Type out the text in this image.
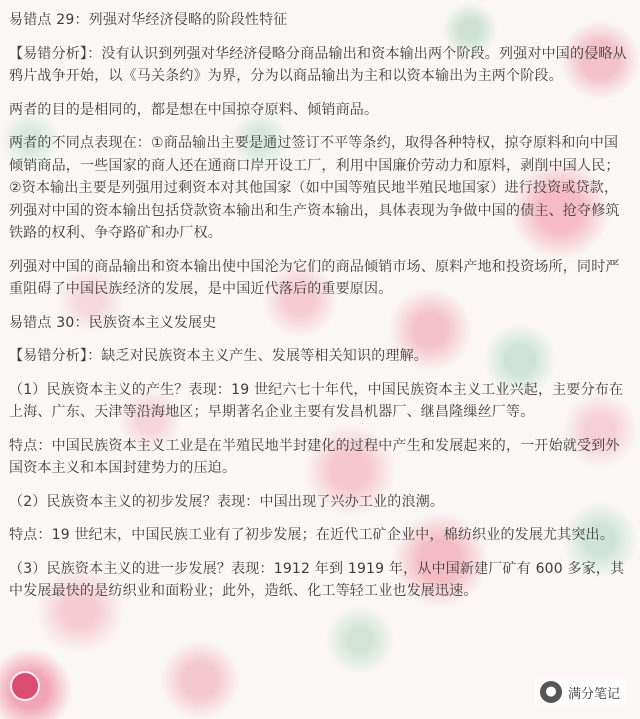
易错点 29：列强对华经济侵略的阶段性特征

【易错分析】：没有认识到列强对华经济侵略分商品输出和资本输出两个阶段。列强对中国的侵略从鸦片战争开始，以《马关条约》为界，分为以商品输出为主和以资本输出为主两个阶段。

两者的目的是相同的，都是想在中国掠夺原料、倾销商品。

两者的不同点表现在：①商品输出主要是通过签订不平等条约，取得各种特权，掠夺原料和向中国倾销商品，一些国家的商人还在通商口岸开设工厂，利用中国廉价劳动力和原料，剥削中国人民；②资本输出主要是列强用过剩资本对其他国家（如中国等殖民地半殖民地国家）进行投资或贷款，列强对中国的资本输出包括贷款资本输出和生产资本输出，具体表现为争做中国的债主、抢夺修筑铁路的权利、争夺路矿和办厂权。

列强对中国的商品输出和资本输出使中国沦为它们的商品倾销市场、原料产地和投资场所，同时严重阻碍了中国民族经济的发展，是中国近代落后的重要原因。

易错点 30：民族资本主义发展史

【易错分析】：缺乏对民族资本主义产生、发展等相关知识的理解。

（1）民族资本主义的产生？表现：19 世纪六七十年代，中国民族资本主义工业兴起，主要分布在上海、广东、天津等沿海地区；早期著名企业主要有发昌机器厂、继昌隆缫丝厂等。

特点：中国民族资本主义工业是在半殖民地半封建化的过程中产生和发展起来的，一开始就受到外国资本主义和本国封建势力的压迫。

（2）民族资本主义的初步发展？表现：中国出现了兴办工业的浪潮。

特点：19 世纪末，中国民族工业有了初步发展；在近代工矿企业中，棉纺织业的发展尤其突出。

（3）民族资本主义的进一步发展？表现：1912 年到 1919 年，从中国新建厂矿有 600 多家，其中发展最快的是纺织业和面粉业；此外，造纸、化工等轻工业也发展迅速。

● 满分笔记
